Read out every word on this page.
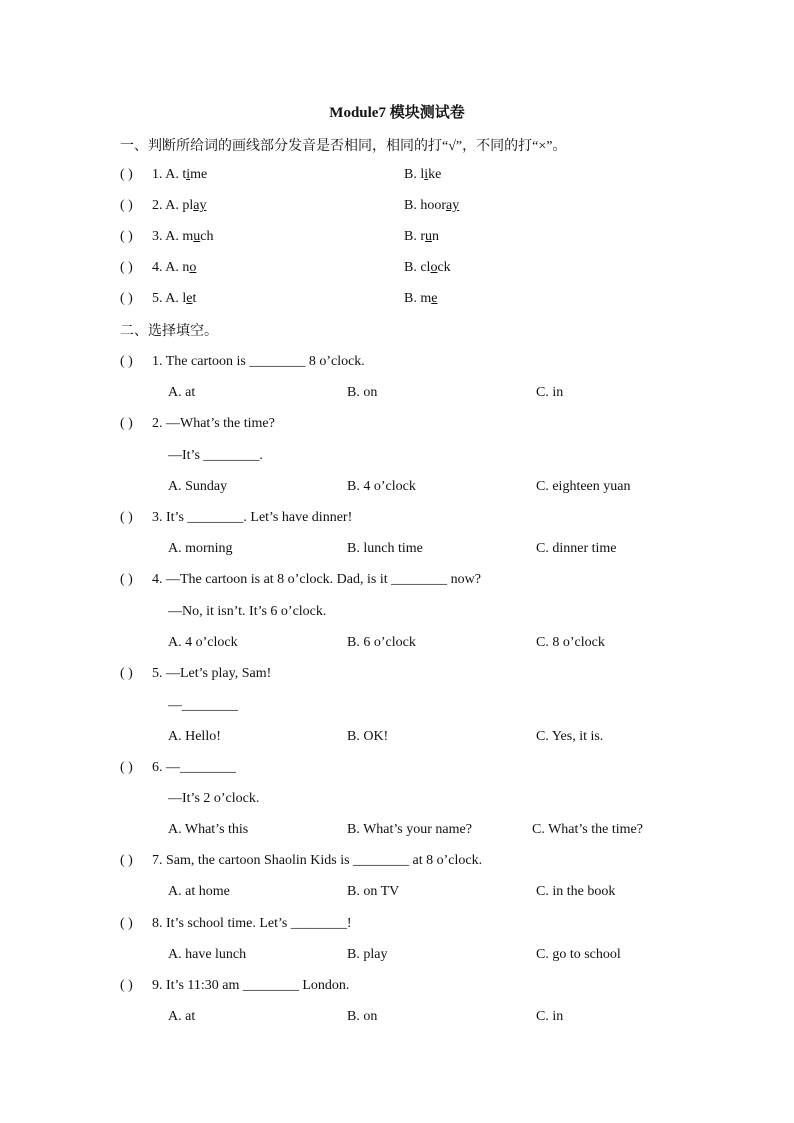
Module7 模块测试卷
一、判断所给词的画线部分发音是否相同，相同的打“√”，不同的打“×”。
( ) 1. A. time	B. like
( ) 2. A. play	B. hooray
( ) 3. A. much	B. run
( ) 4. A. no	B. clock
( ) 5. A. let	B. me
二、选择填空。
( ) 1. The cartoon is ________ 8 o’clock.
A. at	B. on	C. in
( ) 2. —What’s the time?
—It’s ________.
A. Sunday	B. 4 o’clock	C. eighteen yuan
( ) 3. It’s ________. Let’s have dinner!
A. morning	B. lunch time	C. dinner time
( ) 4. —The cartoon is at 8 o’clock. Dad, is it ________ now?
—No, it isn’t. It’s 6 o’clock.
A. 4 o’clock	B. 6 o’clock	C. 8 o’clock
( ) 5. —Let’s play, Sam!
—________
A. Hello!	B. OK!	C. Yes, it is.
( ) 6. —________
—It’s 2 o’clock.
A. What’s this	B. What’s your name?	C. What’s the time?
( ) 7. Sam, the cartoon Shaolin Kids is ________ at 8 o’clock.
A. at home	B. on TV	C. in the book
( ) 8. It’s school time. Let’s ________!
A. have lunch	B. play	C. go to school
( ) 9. It’s 11:30 am ________ London.
A. at	B. on	C. in
